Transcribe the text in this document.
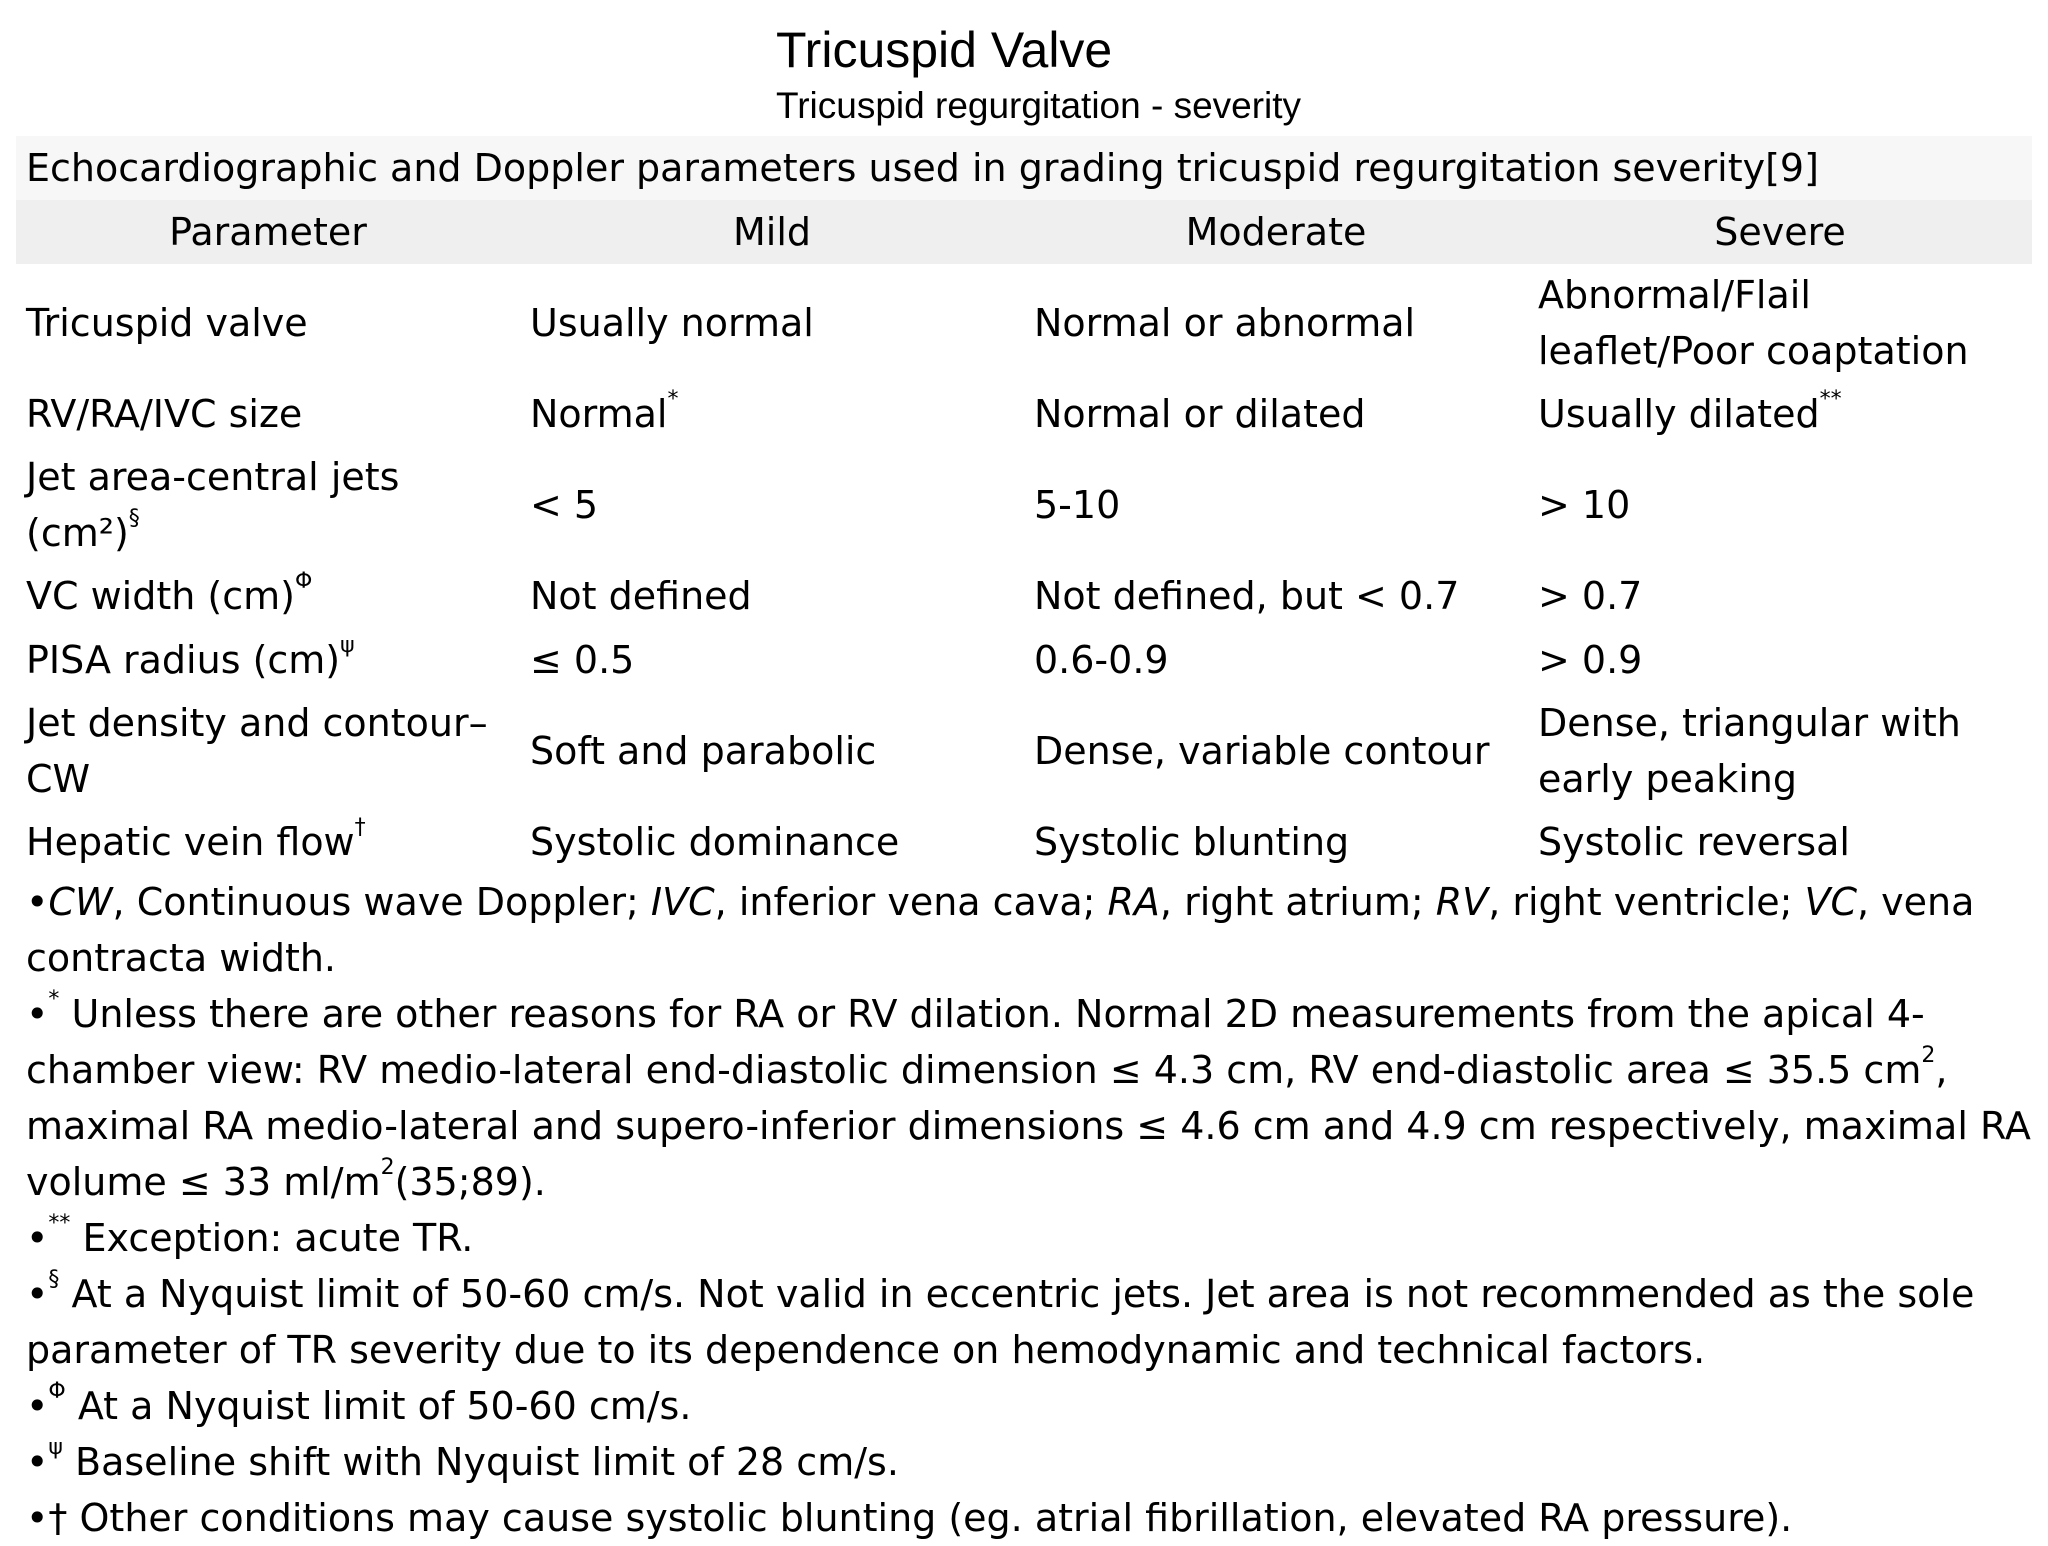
Tricuspid Valve
Tricuspid regurgitation - severity
Echocardiographic and Doppler parameters used in grading tricuspid regurgitation severity[9]
Parameter	Mild	Moderate	Severe
Tricuspid valve	Usually normal	Normal or abnormal	Abnormal/Flail leaflet/Poor coaptation
RV/RA/IVC size	Normal*	Normal or dilated	Usually dilated**
Jet area-central jets (cm²)§	< 5	5-10	> 10
VC width (cm)$^\Phi$	Not defined	Not defined, but < 0.7	> 0.7
PISA radius (cm)$^\psi$	≤ 0.5	0.6-0.9	> 0.9
Jet density and contour–CW	Soft and parabolic	Dense, variable contour	Dense, triangular with early peaking
Hepatic vein flow†	Systolic dominance	Systolic blunting	Systolic reversal

•CW, Continuous wave Doppler; IVC, inferior vena cava; RA, right atrium; RV, right ventricle; VC, vena contracta width.

•* Unless there are other reasons for RA or RV dilation. Normal 2D measurements from the apical 4-chamber view: RV medio-lateral end-diastolic dimension ≤ 4.3 cm, RV end-diastolic area ≤ 35.5 $cm^2$, maximal RA medio-lateral and supero-inferior dimensions ≤ 4.6 cm and 4.9 cm respectively, maximal RA volume ≤ 33 $ml/m^2(35;89)$.

•** Exception: acute TR.

•§ At a Nyquist limit of 50-60 cm/s. Not valid in eccentric jets. Jet area is not recommended as the sole parameter of TR severity due to its dependence on hemodynamic and technical factors.

•$^\Phi$ At a Nyquist limit of 50-60 cm/s.

•$^\psi$ Baseline shift with Nyquist limit of 28 cm/s.

•† Other conditions may cause systolic blunting (eg. atrial fibrillation, elevated RA pressure).
